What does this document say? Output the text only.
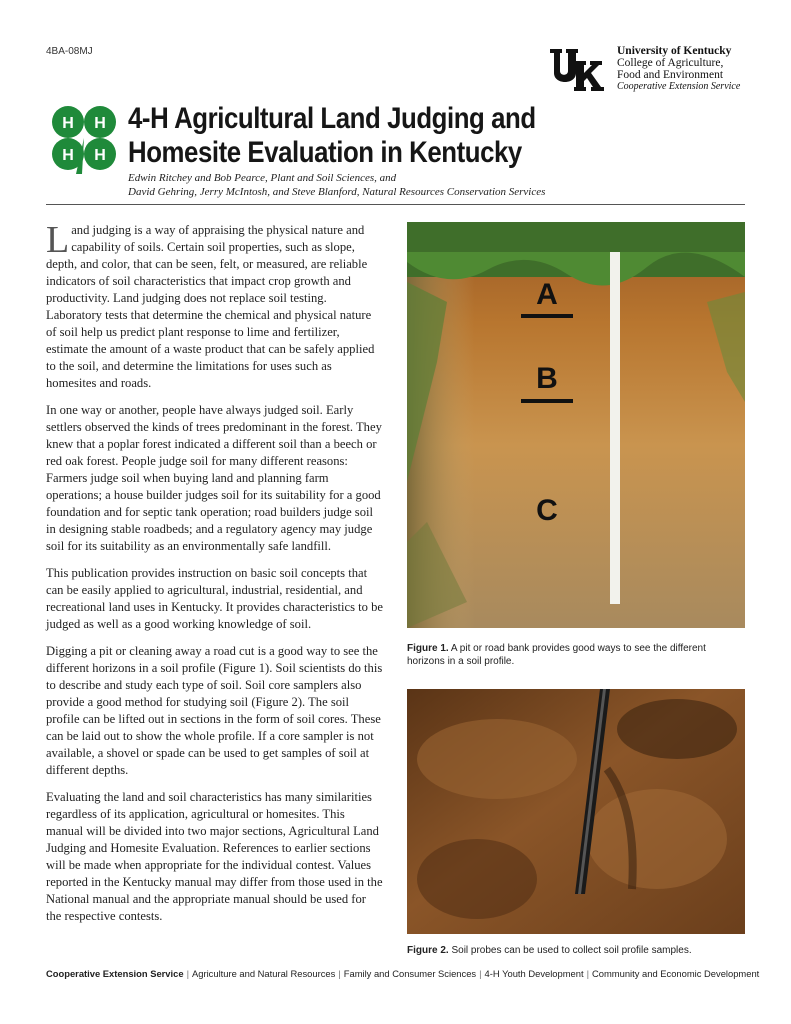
4BA-08MJ	University of Kentucky
College of Agriculture,
Food and Environment
Cooperative Extension Service
H H
H H
4-H Agricultural Land Judging and
Homesite Evaluation in Kentucky
Edwin Ritchey and Bob Pearce, Plant and Soil Sciences, and
David Gehring, Jerry McIntosh, and Steve Blanford, Natural Resources Conservation Services

Land judging is a way of appraising the physical nature and capability of soils. Certain soil properties, such as slope, depth, and color, that can be seen, felt, or measured, are reliable indicators of soil characteristics that impact crop growth and productivity. Land judging does not replace soil testing. Laboratory tests that determine the chemical and physical nature of soil help us predict plant response to lime and fertilizer, estimate the amount of a waste product that can be safely applied to the soil, and determine the limitations for uses such as homesites and roads.

In one way or another, people have always judged soil. Early settlers observed the kinds of trees predominant in the forest. They knew that a poplar forest indicated a different soil than a beech or red oak forest. People judge soil for many different reasons: Farmers judge soil when buying land and planning farm operations; a house builder judges soil for its suitability for a good foundation and for septic tank operation; road builders judge soil in designing stable roadbeds; and a regulatory agency may judge soil for its suitability as an environmentally safe landfill.

This publication provides instruction on basic soil concepts that can be easily applied to agricultural, industrial, residential, and recreational land uses in Kentucky. It provides characteristics to be judged as well as a good working knowledge of soil.

Digging a pit or cleaning away a road cut is a good way to see the different horizons in a soil profile (Figure 1). Soil scientists do this to describe and study each type of soil. Soil core samplers also provide a good method for studying soil (Figure 2). The soil profile can be lifted out in sections in the form of soil cores. These can be laid out to show the whole profile. If a core sampler is not available, a shovel or spade can be used to get samples of soil at different depths.

Evaluating the land and soil characteristics has many similarities regardless of its application, agricultural or homesites. This manual will be divided into two major sections, Agricultural Land Judging and Homesite Evaluation. References to earlier sections will be made when appropriate for the individual contest. Values reported in the Kentucky manual may differ from those used in the National manual and the appropriate manual should be used for the respective contests.

A
B
C
Figure 1. A pit or road bank provides good ways to see the different horizons in a soil profile.
Figure 2. Soil probes can be used to collect soil profile samples.
Cooperative Extension Service | Agriculture and Natural Resources | Family and Consumer Sciences | 4-H Youth Development | Community and Economic Development
